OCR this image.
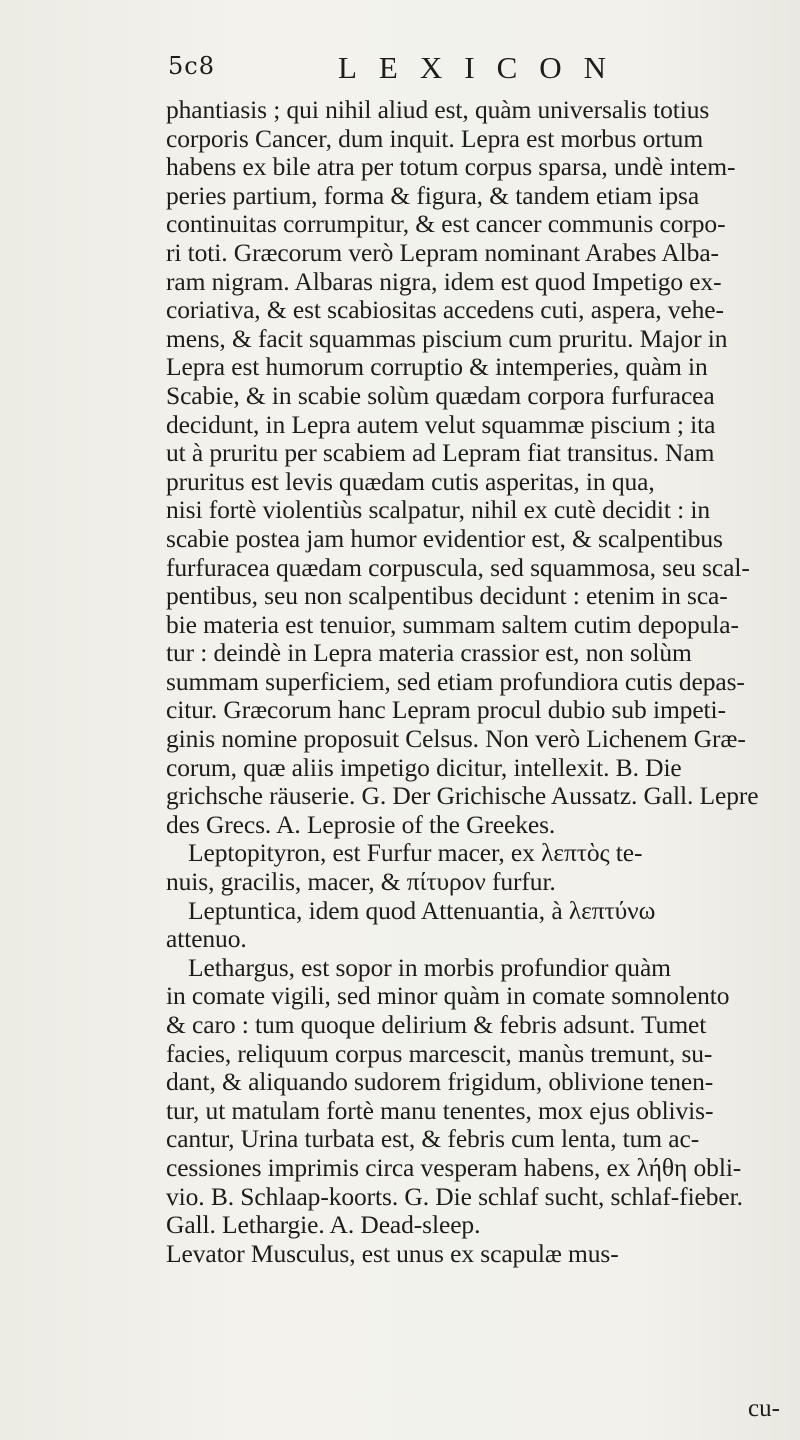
5c8	LEXICON
phantiasis ; qui nihil aliud est, quàm universalis totius
corporis Cancer, dum inquit. Lepra est morbus ortum
habens ex bile atra per totum corpus sparsa, undè intem-
peries partium, forma & figura, & tandem etiam ipsa
continuitas corrumpitur, & est cancer communis corpo-
ri toti. Græcorum verò Lepram nominant Arabes Alba-
ram nigram. Albaras nigra, idem est quod Impetigo ex-
coriativa, & est scabiositas accedens cuti, aspera, vehe-
mens, & facit squammas piscium cum pruritu. Major in
Lepra est humorum corruptio & intemperies, quàm in
Scabie, & in scabie solùm quædam corpora furfuracea
decidunt, in Lepra autem velut squammæ piscium ; ita
ut à pruritu per scabiem ad Lepram fiat transitus. Nam
pruritus est levis quædam cutis asperitas, in qua,
nisi fortè violentiùs scalpatur, nihil ex cutè decidit : in
scabie postea jam humor evidentior est, & scalpentibus
furfuracea quædam corpuscula, sed squammosa, seu scal-
pentibus, seu non scalpentibus decidunt : etenim in sca-
bie materia est tenuior, summam saltem cutim depopula-
tur : deindè in Lepra materia crassior est, non solùm
summam superficiem, sed etiam profundiora cutis depas-
citur. Græcorum hanc Lepram procul dubio sub impeti-
ginis nomine proposuit Celsus. Non verò Lichenem Græ-
corum, quæ aliis impetigo dicitur, intellexit. B. Die
grichsche räuserie. G. Der Grichische Aussatz. Gall. Lepre
des Grecs. A. Leprosie of the Greekes.
Leptopityron, est Furfur macer, ex λεπτὸς te-
nuis, gracilis, macer, & πίτυρον furfur.
Leptuntica, idem quod Attenuantia, à λεπτύνω
attenuo.
Lethargus, est sopor in morbis profundior quàm
in comate vigili, sed minor quàm in comate somnolento
& caro : tum quoque delirium & febris adsunt. Tumet
facies, reliquum corpus marcescit, manùs tremunt, su-
dant, & aliquando sudorem frigidum, oblivione tenen-
tur, ut matulam fortè manu tenentes, mox ejus oblivis-
cantur, Urina turbata est, & febris cum lenta, tum ac-
cessiones imprimis circa vesperam habens, ex λήθη obli-
vio. B. Schlaap-koorts. G. Die schlaf sucht, schlaf-fieber.
Gall. Lethargie. A. Dead-sleep.
Levator Musculus, est unus ex scapulæ mus-
cu-
